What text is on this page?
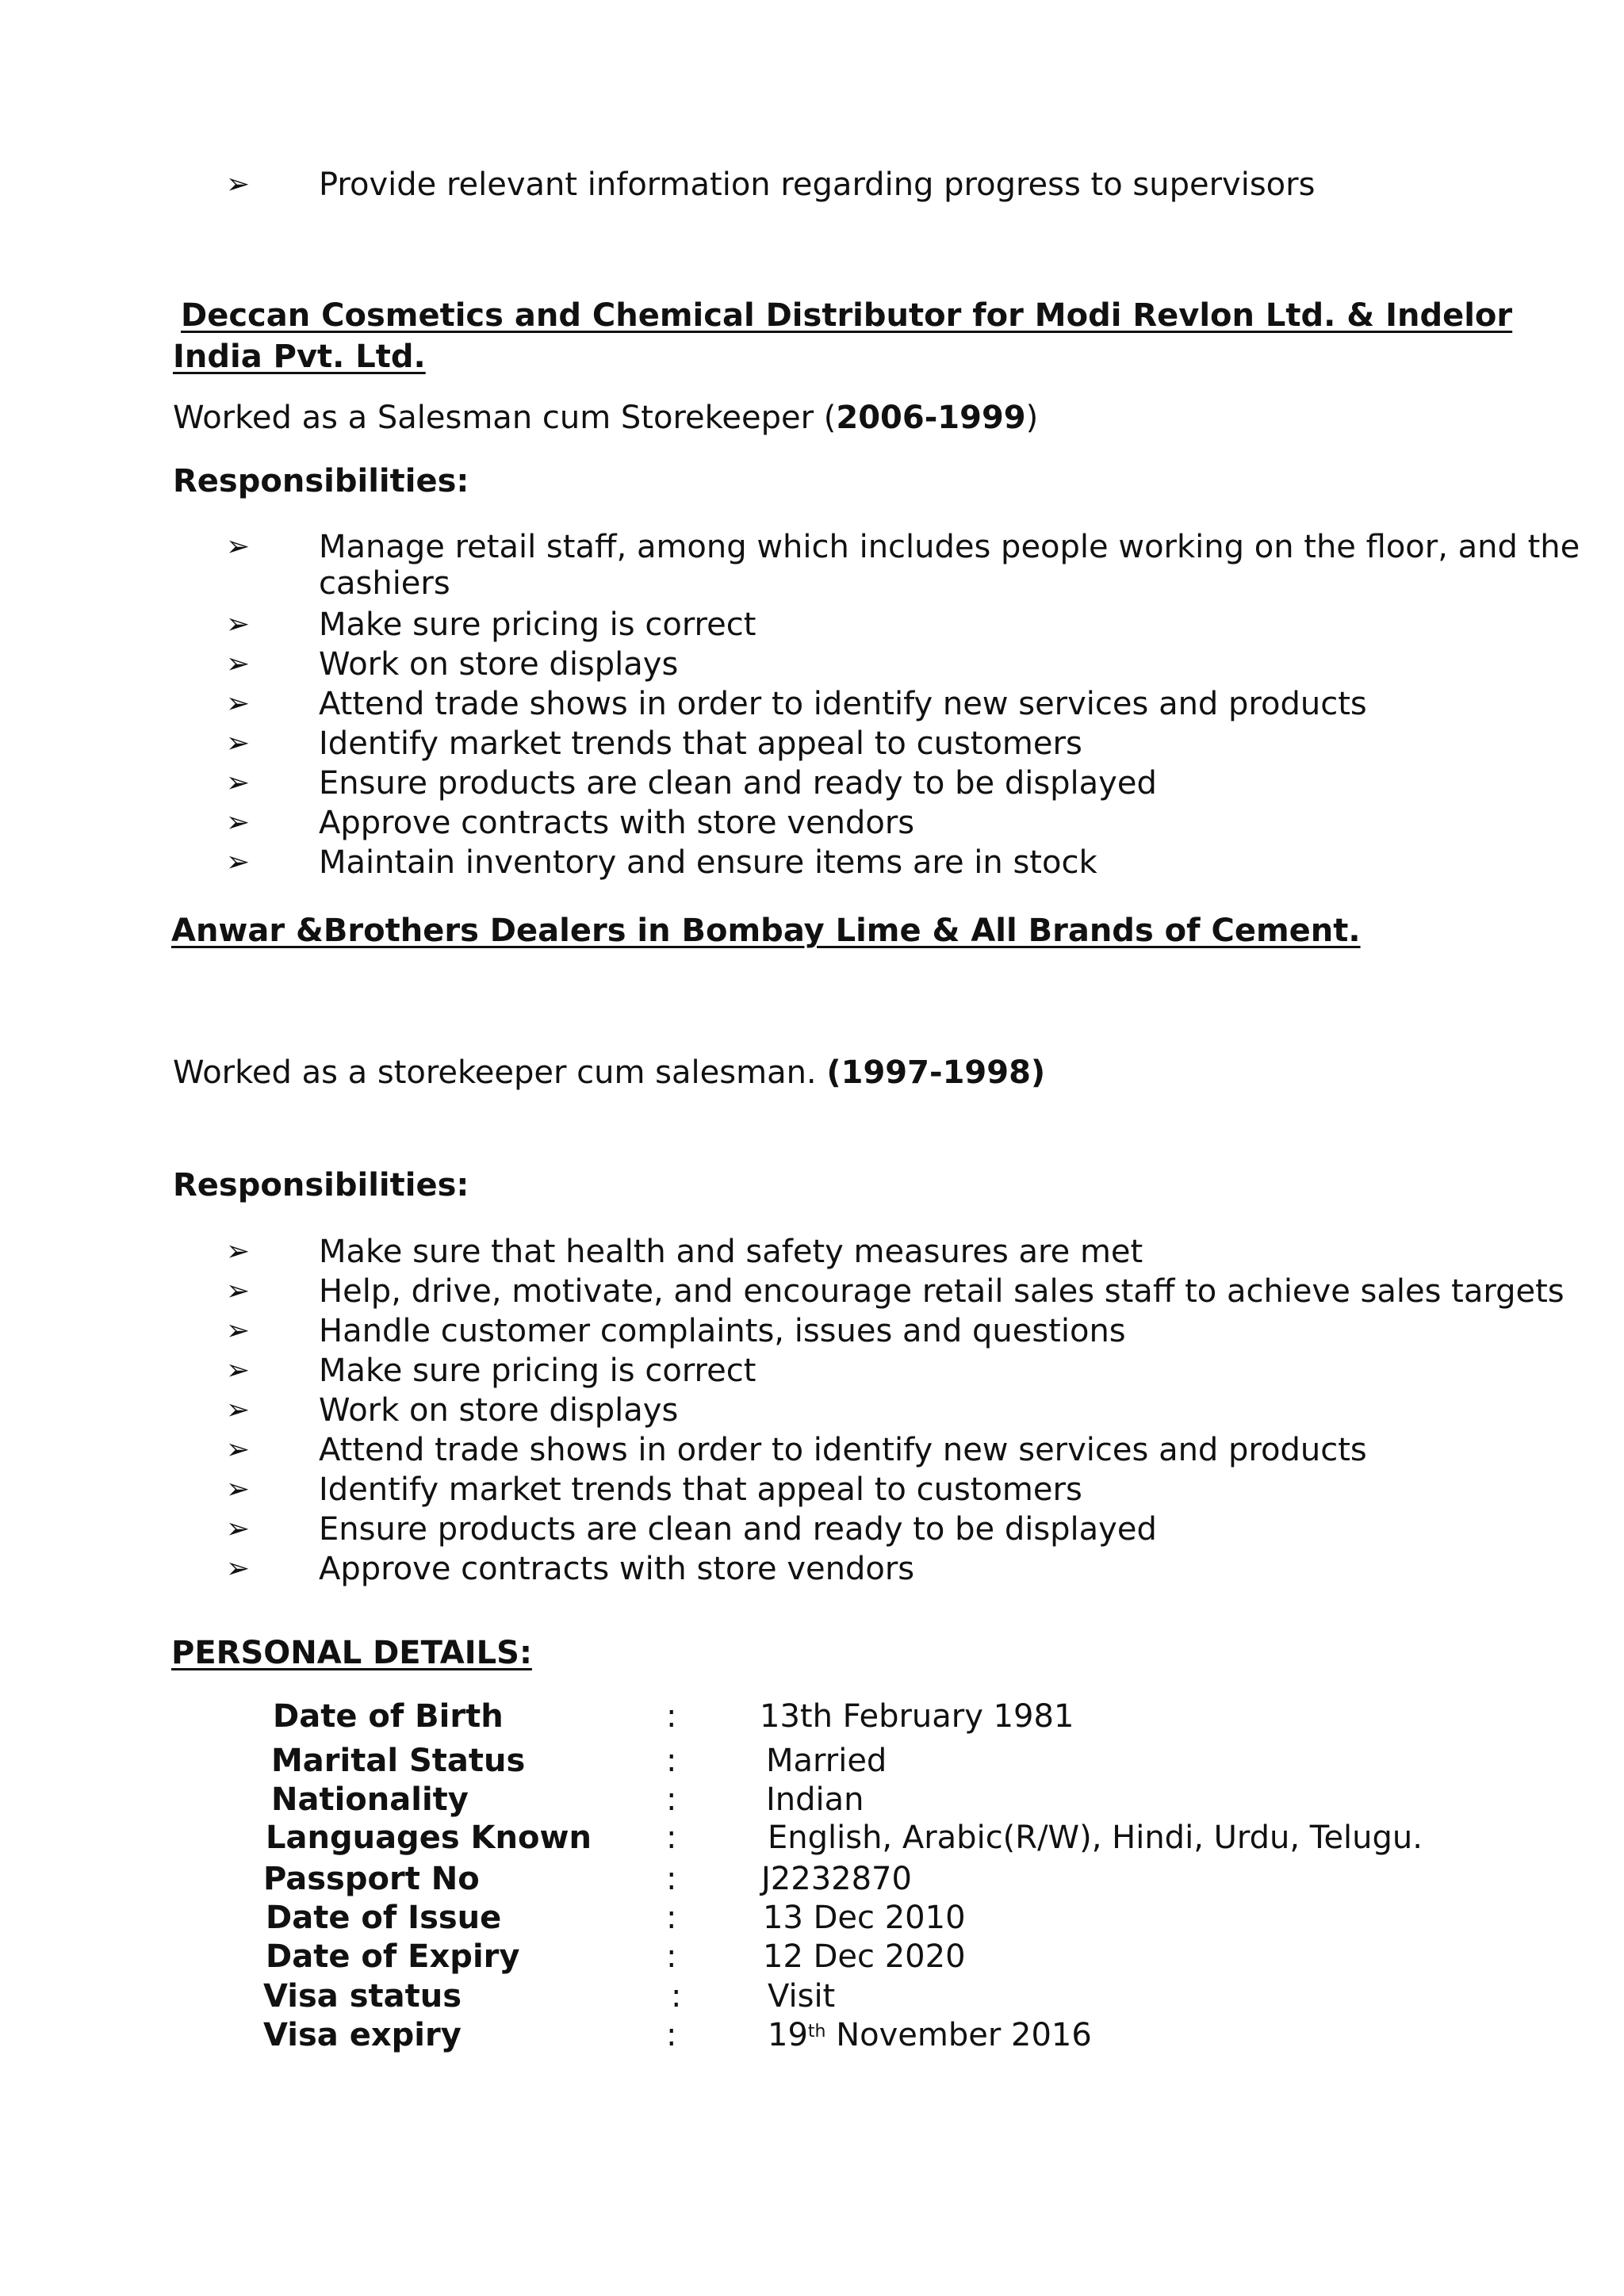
➢ Provide relevant information regarding progress to supervisors
Deccan Cosmetics and Chemical Distributor for Modi Revlon Ltd. & Indelor
India Pvt. Ltd.
Worked as a Salesman cum Storekeeper (2006-1999)
Responsibilities:
➢ Manage retail staff, among which includes people working on the floor, and the cashiers
➢ Make sure pricing is correct
➢ Work on store displays
➢ Attend trade shows in order to identify new services and products
➢ Identify market trends that appeal to customers
➢ Ensure products are clean and ready to be displayed
➢ Approve contracts with store vendors
➢ Maintain inventory and ensure items are in stock
Anwar &Brothers Dealers in Bombay Lime & All Brands of Cement.
Worked as a storekeeper cum salesman. (1997-1998)
Responsibilities:
➢ Make sure that health and safety measures are met
➢ Help, drive, motivate, and encourage retail sales staff to achieve sales targets
➢ Handle customer complaints, issues and questions
➢ Make sure pricing is correct
➢ Work on store displays
➢ Attend trade shows in order to identify new services and products
➢ Identify market trends that appeal to customers
➢ Ensure products are clean and ready to be displayed
➢ Approve contracts with store vendors
PERSONAL DETAILS:
Date of Birth	:	13th February 1981
Marital Status	:	Married
Nationality	:	Indian
Languages Known :	English, Arabic(R/W), Hindi, Urdu, Telugu.
Passport No	:	J2232870
Date of Issue	:	13 Dec 2010
Date of Expiry	:	12 Dec 2020
Visa status	:	Visit
Visa expiry	:	19th November 2016
